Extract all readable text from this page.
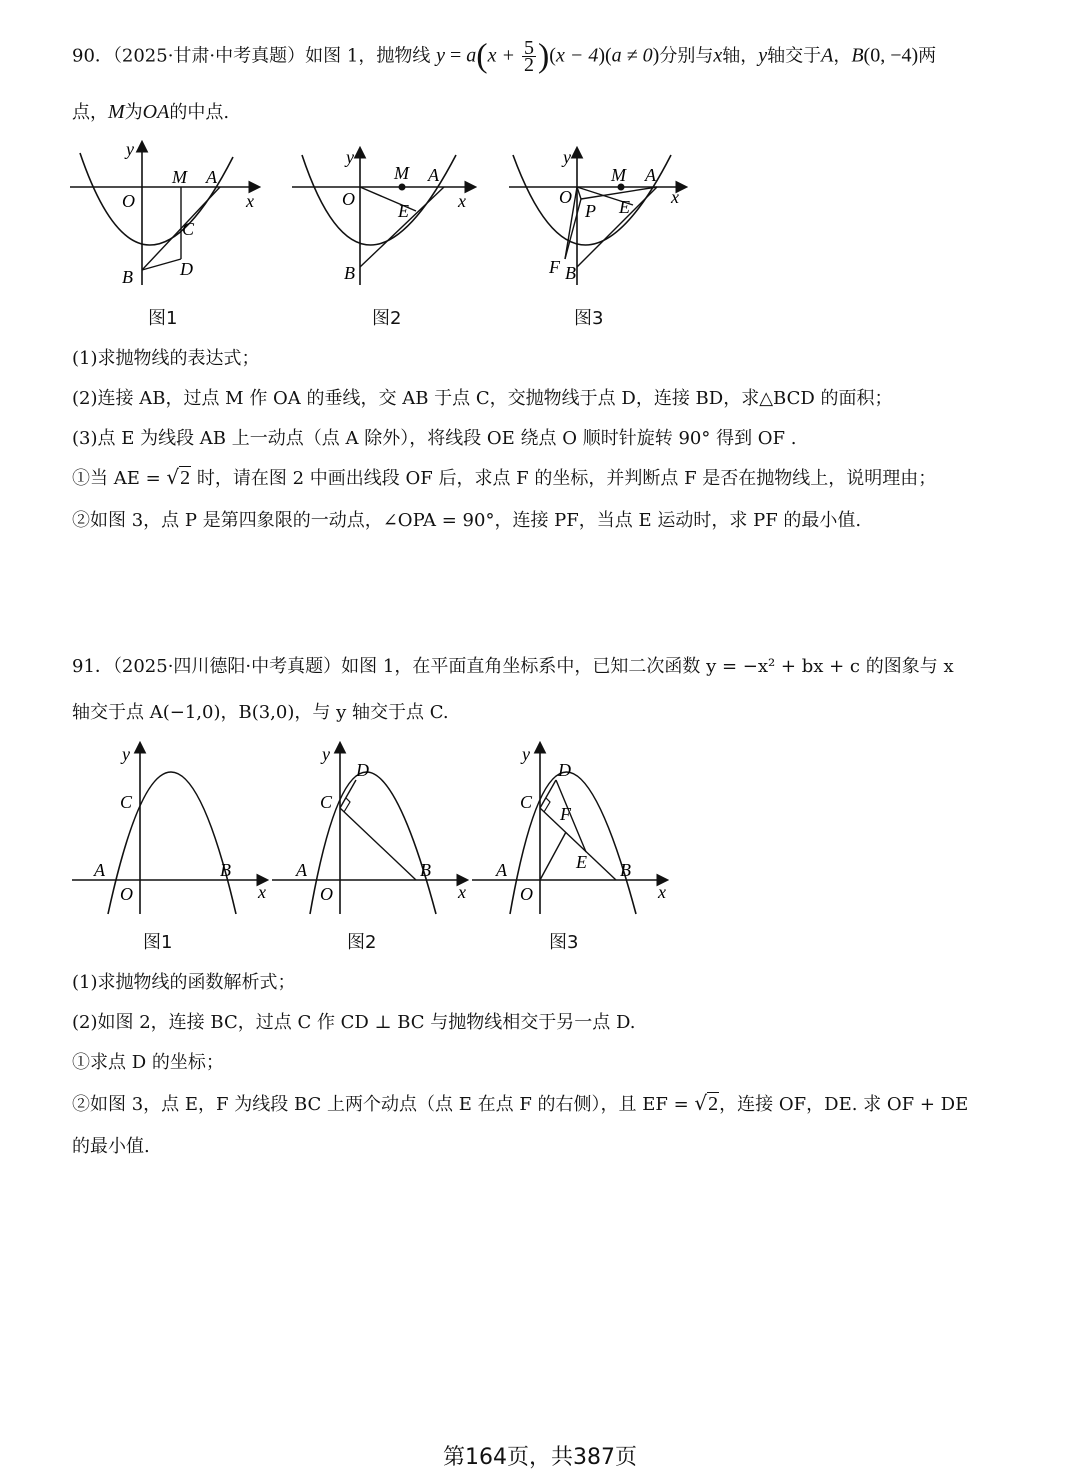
90．（2025·甘肃·中考真题）如图 1，抛物线 $y = a(x + \frac{5}{2} )(x - 4)(a \ne 0)$分别与x轴，y轴交于A，B(0, −4)两
点，M为OA的中点.
x
y
O
M A
C
D
B
图1
x
y
O
M A
E
B
图2
x
y
O
M A
P E
F B
图3
(1)求抛物线的表达式；
(2)连接 AB，过点 M 作 OA 的垂线，交 AB 于点 C，交抛物线于点 D，连接 BD，求△BCD 的面积；
(3)点 E 为线段 AB 上一动点（点 A 除外），将线段 OE 绕点 O 顺时针旋转 90° 得到 OF .
①当 AE = √2 时，请在图 2 中画出线段 OF 后，求点 F 的坐标，并判断点 F 是否在抛物线上，说明理由；
②如图 3，点 P 是第四象限的一动点，∠OPA = 90°，连接 PF，当点 E 运动时，求 PF 的最小值.
91．（2025·四川德阳·中考真题）如图 1，在平面直角坐标系中，已知二次函数 y = −x² + bx + c 的图象与 x
轴交于点 A(−1,0)，B(3,0)，与 y 轴交于点 C.
x
y
C
A	B
O
图1
x
y
D
C
A	B
O
图2
x
y
D
C
F
E
A	B
O
图3
(1)求抛物线的函数解析式；
(2)如图 2，连接 BC，过点 C 作 CD ⊥ BC 与抛物线相交于另一点 D.
①求点 D 的坐标；
②如图 3，点 E，F 为线段 BC 上两个动点（点 E 在点 F 的右侧），且 EF = √2，连接 OF，DE. 求 OF + DE
的最小值.
第164页，共387页
